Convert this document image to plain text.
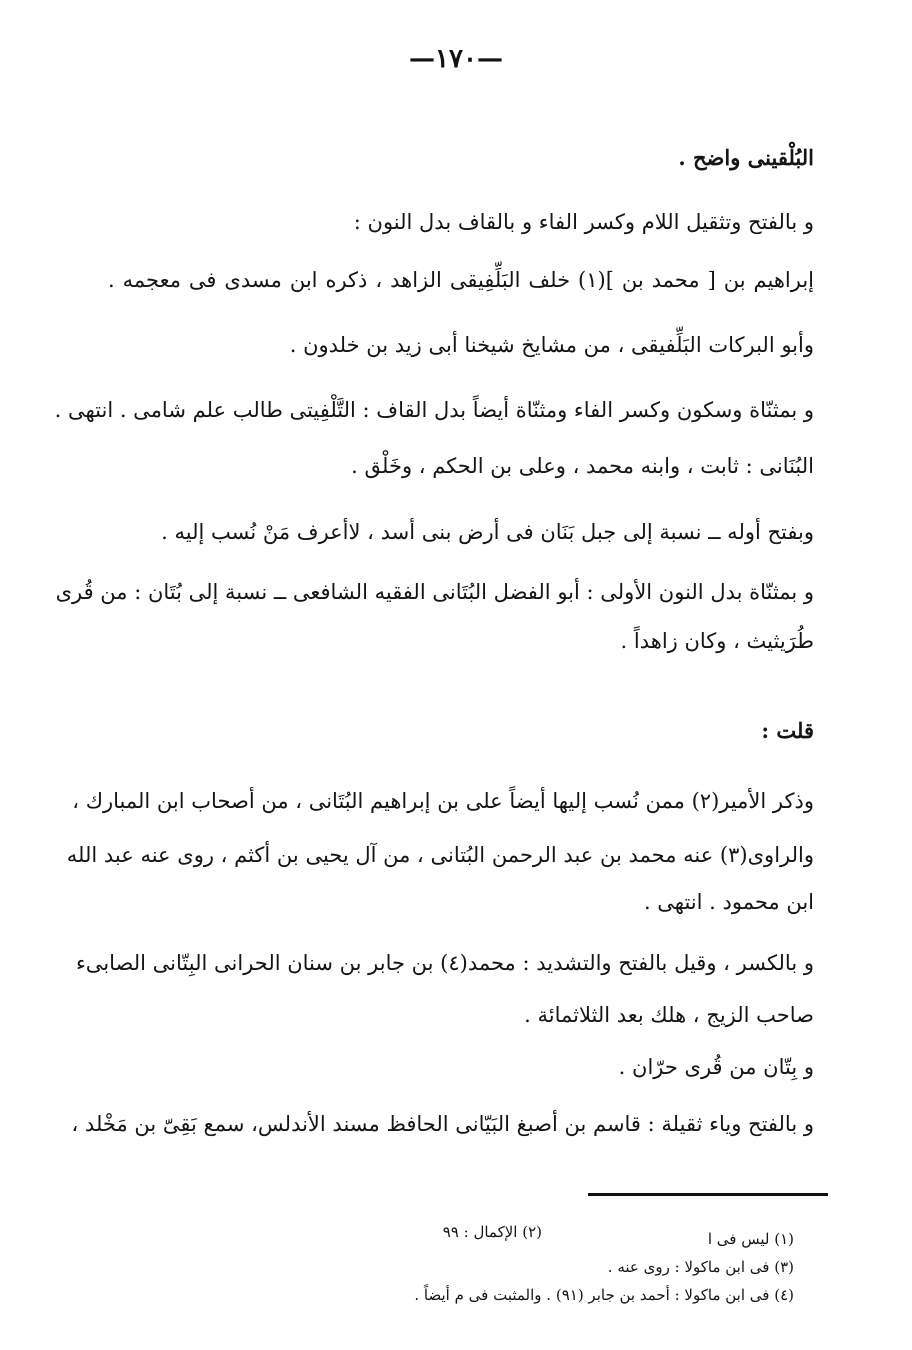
—١٧٠—
البُلْقينى واضح .
و بالفتح وتثقيل اللام وكسر الفاء و بالقاف بدل النون :
إبراهيم بن [ محمد بن ](١) خلف البَلِّفِيقى الزاهد ، ذكره ابن مسدى فى معجمه .
وأبو البركات البَلِّفيقى ، من مشايخ شيخنا أبى زيد بن خلدون .
و بمثنّاة وسكون وكسر الفاء ومثنّاة أيضاً بدل القاف : التَّلْفِيتى طالب علم شامى . انتهى .
البُنَانى : ثابت ، وابنه محمد ، وعلى بن الحكم ، وخَلْق .
وبفتح أوله ــ نسبة إلى جبل بَنَان فى أرض بنى أسد ، لاأعرف مَنْ نُسب إليه .
و بمثنّاة بدل النون الأولى : أبو الفضل البُتَانى الفقيه الشافعى ــ نسبة إلى بُتَان : من قُرى
طُرَيثيث ، وكان زاهداً .
قلت :
وذكر الأمير(٢) ممن نُسب إليها أيضاً على بن إبراهيم البُتَانى ، من أصحاب ابن المبارك ،
والراوى(٣) عنه محمد بن عبد الرحمن البُتانى ، من آل يحيى بن أكثم ، روى عنه عبد الله
ابن محمود . انتهى .
و بالكسر ، وقيل بالفتح والتشديد : محمد(٤) بن جابر بن سنان الحرانى البِتّانى الصابىء
صاحب الزيج ، هلك بعد الثلاثمائة .
و بِتّان من قُرى حرّان .
و بالفتح وياء ثقيلة : قاسم بن أصبغ البَيّانى الحافظ مسند الأندلس، سمع بَقِىّ بن مَخْلد ،
(١) ليس فى ا
(٢) الإكمال : ٩٩
(٣) فى ابن ماكولا : روى عنه .
(٤) فى ابن ماكولا : أحمد بن جابر (٩١) . والمثبت فى م أيضاً .
